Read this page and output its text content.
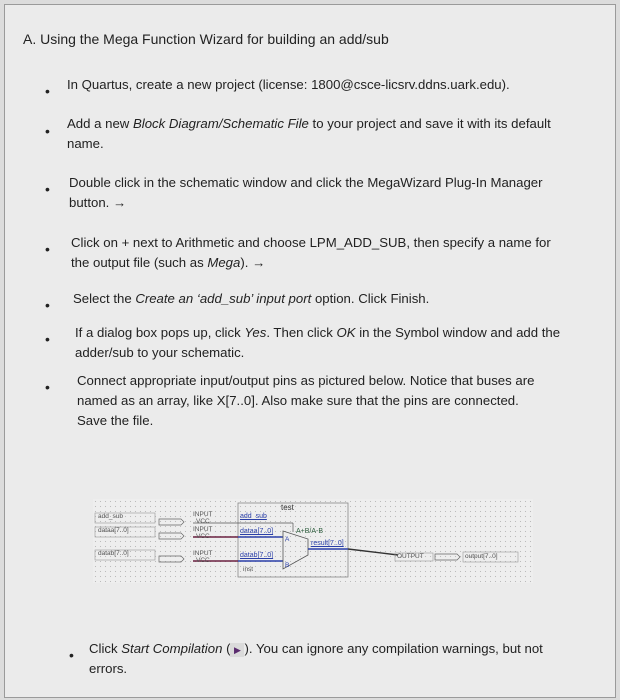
A. Using the Mega Function Wizard for building an add/sub
• In Quartus, create a new project (license: 1800@csce-licsrv.ddns.uark.edu).
• Add a new Block Diagram/Schematic File to your project and save it with its default name.
• Double click in the schematic window and click the MegaWizard Plug-In Manager button. →
• Click on + next to Arithmetic and choose LPM_ADD_SUB, then specify a name for the output file (such as Mega). →
• Select the Create an ‘add_sub’ input port option. Click Finish.
• If a dialog box pops up, click Yes. Then click OK in the Symbol window and add the adder/sub to your schematic.
• Connect appropriate input/output pins as pictured below. Notice that buses are named as an array, like X[7..0]. Also make sure that the pins are connected. Save the file.
add_sub
dataa[7..0]
datab[7..0]
INPUT
VCC
INPUT
VCC
INPUT
VCC
test
add_sub
dataa[7..0]
datab[7..0]
A
B
A+B/A-B
result[7..0]
inst
OUTPUT	output[7..0]
• Click Start Compilation ( ▶ ). You can ignore any compilation warnings, but not errors.
